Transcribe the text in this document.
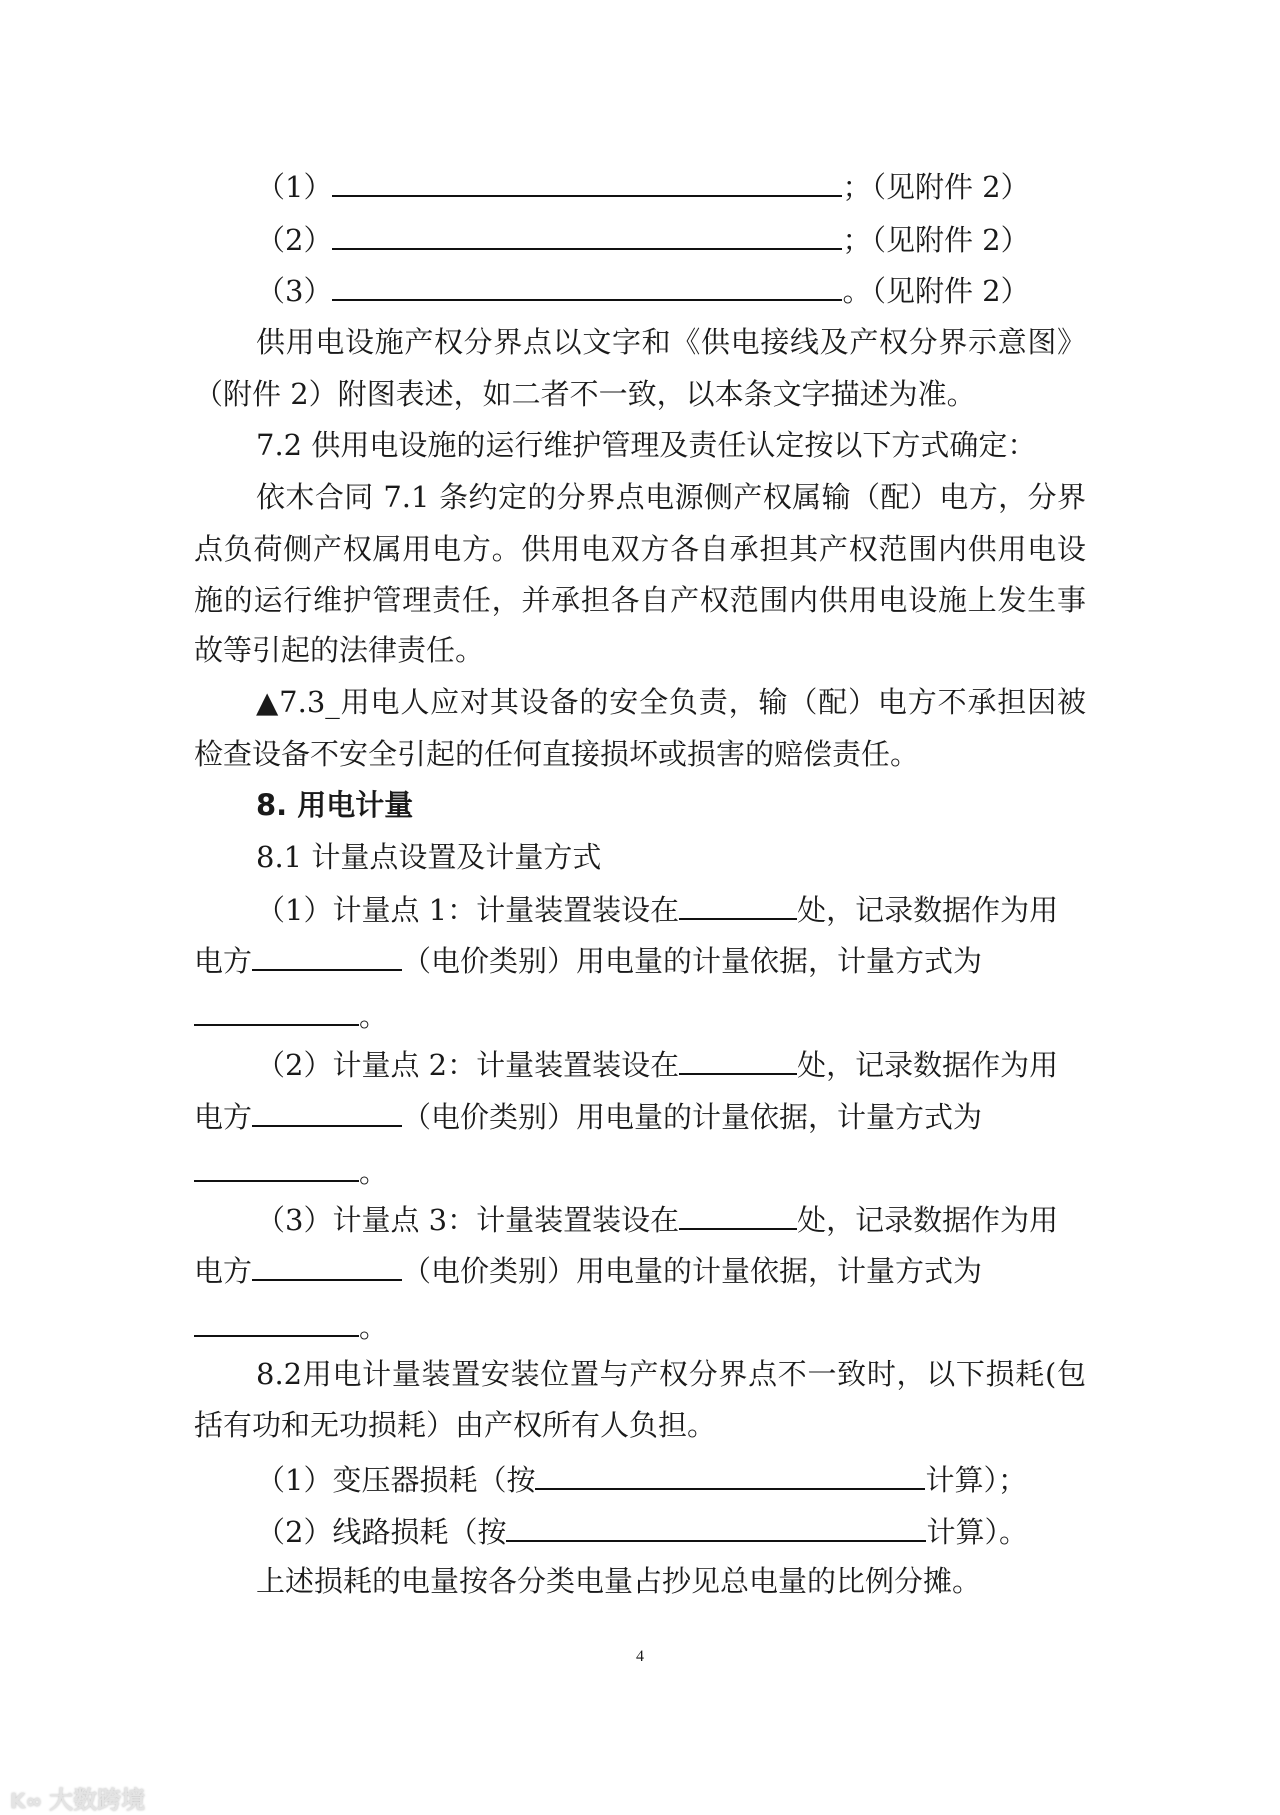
（1）	；（见附件 2）
（2）	；（见附件 2）
（3）	。（见附件 2）
供用电设施产权分界点以文字和《供电接线及产权分界示意图》
（附件 2）附图表述，如二者不一致，以本条文字描述为准。
7.2 供用电设施的运行维护管理及责任认定按以下方式确定：
依木合同 7.1 条约定的分界点电源侧产权属输（配）电方，分界
点负荷侧产权属用电方。供用电双方各自承担其产权范围内供用电设
施的运行维护管理责任，并承担各自产权范围内供用电设施上发生事
故等引起的法律责任。
▲7.3_用电人应对其设备的安全负责，输（配）电方不承担因被
检查设备不安全引起的任何直接损坏或损害的赔偿责任。
8. 用电计量
8.1 计量点设置及计量方式
（1）计量点 1：计量装置装设在	处，记录数据作为用
电方	（电价类别）用电量的计量依据，计量方式为
。
（2）计量点 2：计量装置装设在	处，记录数据作为用
电方	（电价类别）用电量的计量依据，计量方式为
。
（3）计量点 3：计量装置装设在	处，记录数据作为用
电方	（电价类别）用电量的计量依据，计量方式为
。
8.2用电计量装置安装位置与产权分界点不一致时，以下损耗(包
括有功和无功损耗）由产权所有人负担。
（1）变压器损耗（按	计算）；
（2）线路损耗（按	计算）。
上述损耗的电量按各分类电量占抄见总电量的比例分摊。
4
K∞ 大数跨境
